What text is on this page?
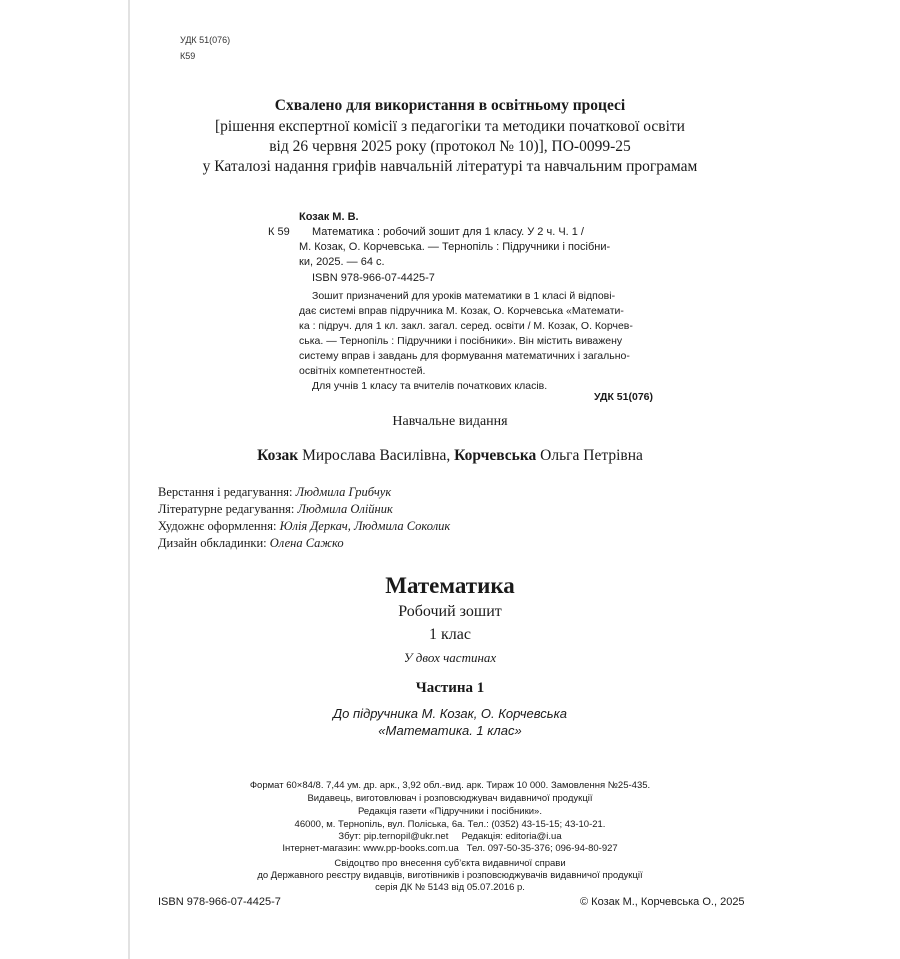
УДК 51(076)
К59
Схвалено для використання в освітньому процесі
[рішення експертної комісії з педагогіки та методики початкової освіти
від 26 червня 2025 року (протокол № 10)], ПО-0099-25
у Каталозі надання грифів навчальній літературі та навчальним програмам
Козак М. В.
К 59 Математика : робочий зошит для 1 класу. У 2 ч. Ч. 1 /
М. Козак, О. Корчевська. — Тернопіль : Підручники і посібни-
ки, 2025. — 64 с.
ISBN 978-966-07-4425-7
Зошит призначений для уроків математики в 1 класі й відпові-
дає системі вправ підручника М. Козак, О. Корчевська «Математи-
ка : підруч. для 1 кл. закл. загал. серед. освіти / М. Козак, О. Корчев-
ська. — Тернопіль : Підручники і посібники». Він містить виважену
систему вправ і завдань для формування математичних і загально-
освітніх компетентностей.
Для учнів 1 класу та вчителів початкових класів.
УДК 51(076)
Навчальне видання
Козак Мирослава Василівна, Корчевська Ольга Петрівна
Верстання і редагування: Людмила Грибчук
Літературне редагування: Людмила Олійник
Художнє оформлення: Юлія Деркач, Людмила Соколик
Дизайн обкладинки: Олена Сажко
Математика
Робочий зошит
1 клас
У двох частинах
Частина 1
До підручника М. Козак, О. Корчевська
«Математика. 1 клас»
Формат 60×84/8. 7,44 ум. др. арк., 3,92 обл.-вид. арк. Тираж 10 000. Замовлення №25-435.
Видавець, виготовлювач і розповсюджувач видавничої продукції
Редакція газети «Підручники і посібники».
46000, м. Тернопіль, вул. Поліська, 6а. Тел.: (0352) 43-15-15; 43-10-21.
Збут: pip.ternopil@ukr.net     Редакція: editoria@i.ua
Інтернет-магазин: www.pp-books.com.ua   Тел. 097-50-35-376; 096-94-80-927
Свідоцтво про внесення суб’єкта видавничої справи
до Державного реєстру видавців, виготівників і розповсюджувачів видавничої продукції
серія ДК № 5143 від 05.07.2016 р.
ISBN 978-966-07-4425-7	© Козак М., Корчевська О., 2025
